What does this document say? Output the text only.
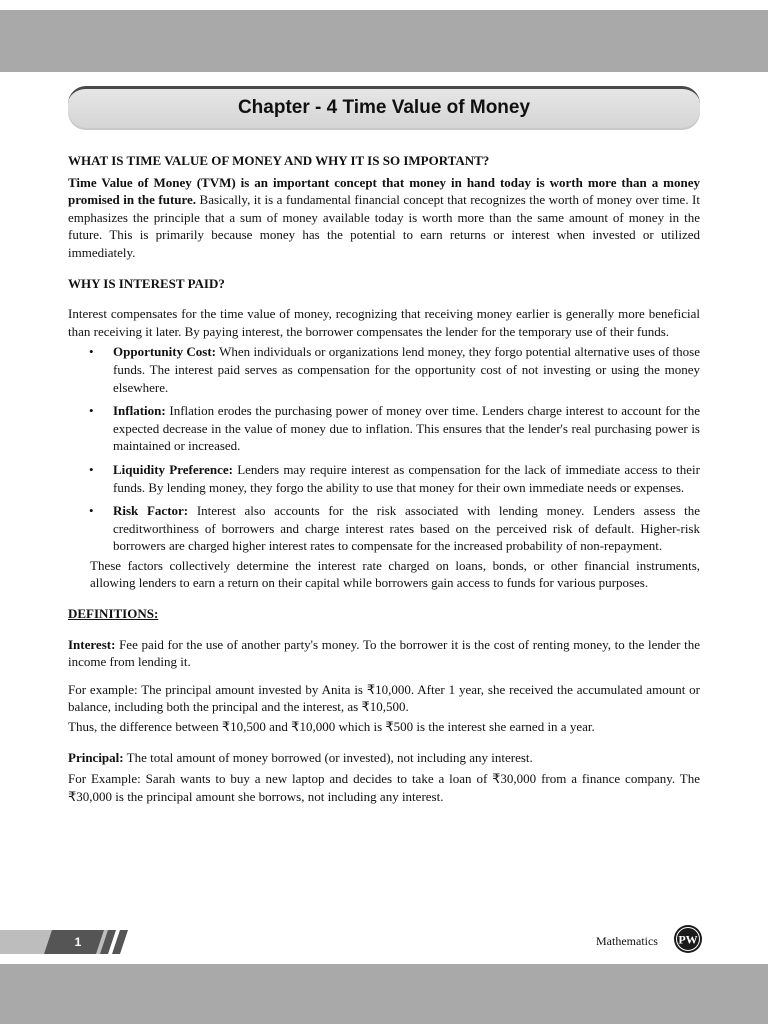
Chapter - 4 Time Value of Money

WHAT IS TIME VALUE OF MONEY AND WHY IT IS SO IMPORTANT?

Time Value of Money (TVM) is an important concept that money in hand today is worth more than a money promised in the future. Basically, it is a fundamental financial concept that recognizes the worth of money over time. It emphasizes the principle that a sum of money available today is worth more than the same amount of money in the future. This is primarily because money has the potential to earn returns or interest when invested or utilized immediately.

WHY IS INTEREST PAID?

Interest compensates for the time value of money, recognizing that receiving money earlier is generally more beneficial than receiving it later. By paying interest, the borrower compensates the lender for the temporary use of their funds.

• Opportunity Cost: When individuals or organizations lend money, they forgo potential alternative uses of those funds. The interest paid serves as compensation for the opportunity cost of not investing or using the money elsewhere.
• Inflation: Inflation erodes the purchasing power of money over time. Lenders charge interest to account for the expected decrease in the value of money due to inflation. This ensures that the lender's real purchasing power is maintained or increased.
• Liquidity Preference: Lenders may require interest as compensation for the lack of immediate access to their funds. By lending money, they forgo the ability to use that money for their own immediate needs or expenses.
• Risk Factor: Interest also accounts for the risk associated with lending money. Lenders assess the creditworthiness of borrowers and charge interest rates based on the perceived risk of default. Higher-risk borrowers are charged higher interest rates to compensate for the increased probability of non-repayment.

These factors collectively determine the interest rate charged on loans, bonds, or other financial instruments, allowing lenders to earn a return on their capital while borrowers gain access to funds for various purposes.

DEFINITIONS:

Interest: Fee paid for the use of another party's money. To the borrower it is the cost of renting money, to the lender the income from lending it.

For example: The principal amount invested by Anita is ₹10,000. After 1 year, she received the accumulated amount or balance, including both the principal and the interest, as ₹10,500.

Thus, the difference between ₹10,500 and ₹10,000 which is ₹500 is the interest she earned in a year.

Principal: The total amount of money borrowed (or invested), not including any interest.

For Example: Sarah wants to buy a new laptop and decides to take a loan of ₹30,000 from a finance company. The ₹30,000 is the principal amount she borrows, not including any interest.

1	Mathematics PW
